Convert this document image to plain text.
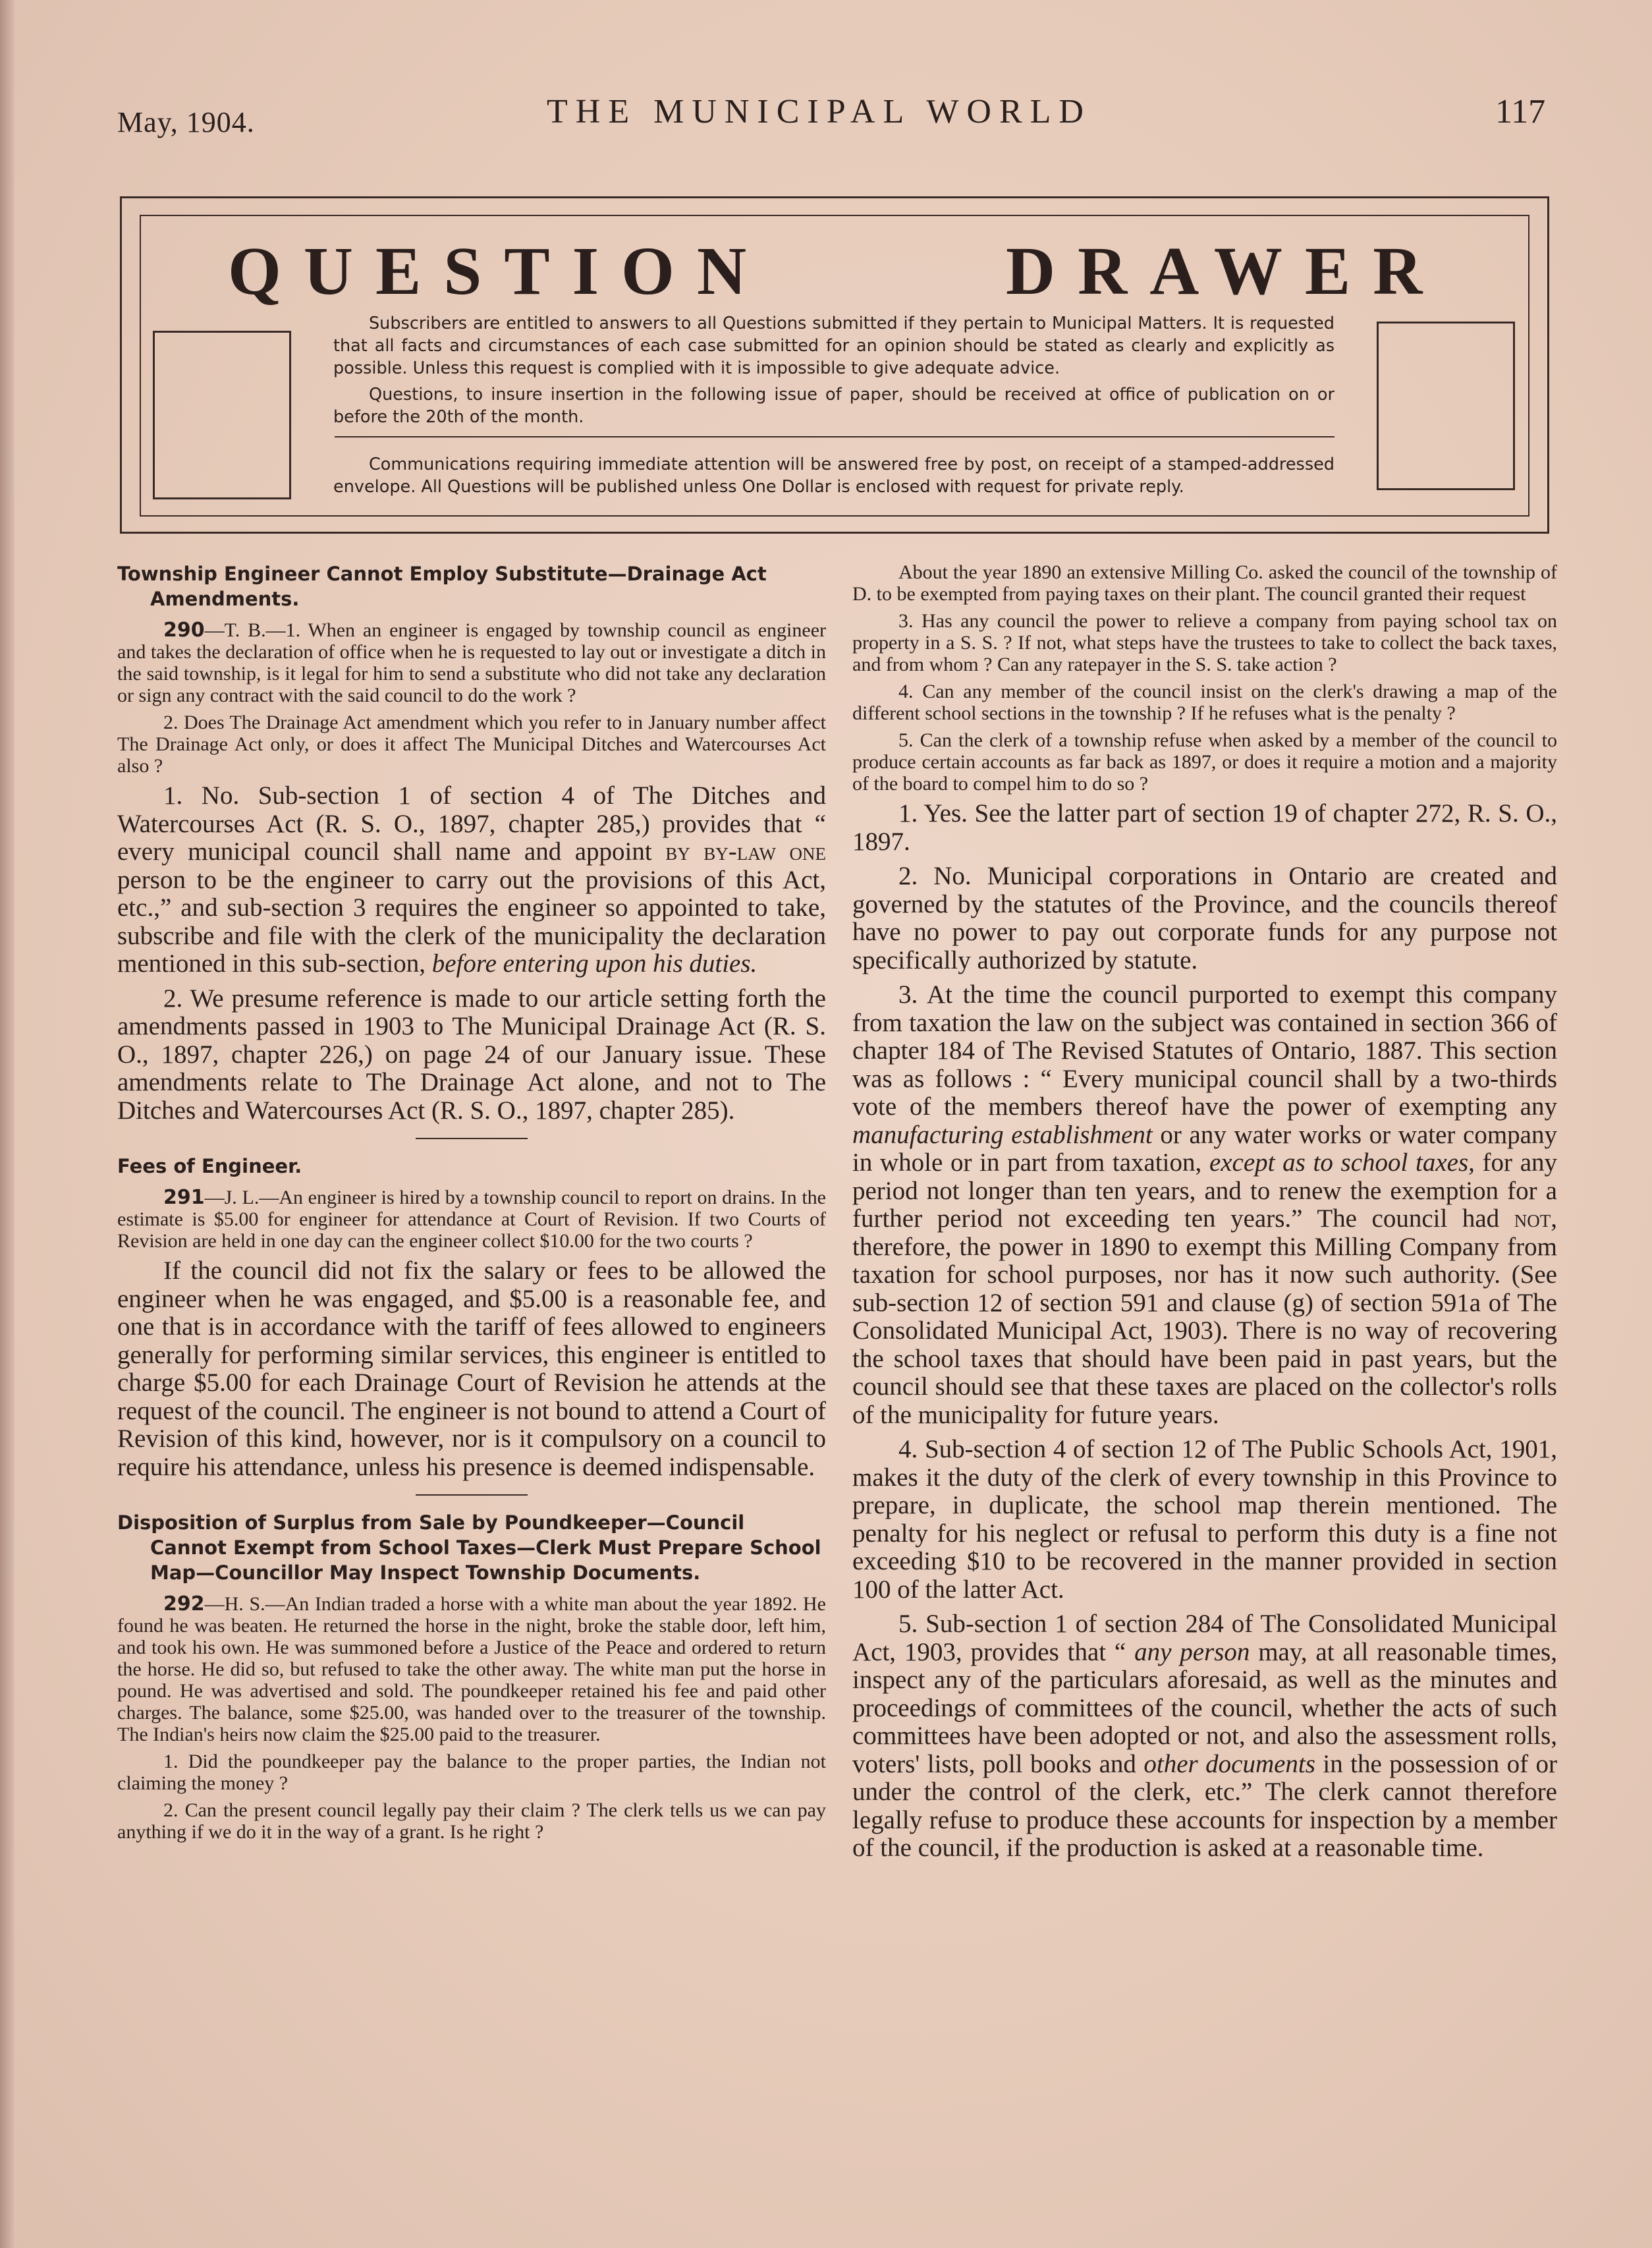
May, 1904.	THE MUNICIPAL WORLD	117
QUESTION      DRAWER

Subscribers are entitled to answers to all Questions submitted if they pertain to Municipal Matters. It is requested that all facts and circumstances of each case submitted for an opinion should be stated as clearly and explicitly as possible. Unless this request is complied with it is impossible to give adequate advice.

Questions, to insure insertion in the following issue of paper, should be received at office of publication on or before the 20th of the month.

Communications requiring immediate attention will be answered free by post, on receipt of a stamped-addressed envelope. All Questions will be published unless One Dollar is enclosed with request for private reply.

Township Engineer Cannot Employ Substitute—Drainage Act Amendments.

290—T. B.—1. When an engineer is engaged by township council as engineer and takes the declaration of office when he is requested to lay out or investigate a ditch in the said township, is it legal for him to send a substitute who did not take any declaration or sign any contract with the said council to do the work ?

2. Does The Drainage Act amendment which you refer to in January number affect The Drainage Act only, or does it affect The Municipal Ditches and Watercourses Act also ?

1. No. Sub-section 1 of section 4 of The Ditches and Watercourses Act (R. S. O., 1897, chapter 285,) provides that “ every municipal council shall name and appoint by by-law one person to be the engineer to carry out the provisions of this Act, etc.,” and sub-section 3 requires the engineer so appointed to take, subscribe and file with the clerk of the municipality the declaration mentioned in this sub-section, before entering upon his duties.

2. We presume reference is made to our article setting forth the amendments passed in 1903 to The Municipal Drainage Act (R. S. O., 1897, chapter 226,) on page 24 of our January issue. These amendments relate to The Drainage Act alone, and not to The Ditches and Watercourses Act (R. S. O., 1897, chapter 285).

Fees of Engineer.

291—J. L.—An engineer is hired by a township council to report on drains. In the estimate is $5.00 for engineer for attendance at Court of Revision. If two Courts of Revision are held in one day can the engineer collect $10.00 for the two courts ?

If the council did not fix the salary or fees to be allowed the engineer when he was engaged, and $5.00 is a reasonable fee, and one that is in accordance with the tariff of fees allowed to engineers generally for performing similar services, this engineer is entitled to charge $5.00 for each Drainage Court of Revision he attends at the request of the council. The engineer is not bound to attend a Court of Revision of this kind, however, nor is it compulsory on a council to require his attendance, unless his presence is deemed indispensable.

Disposition of Surplus from Sale by Poundkeeper—Council Cannot Exempt from School Taxes—Clerk Must Prepare School Map—Councillor May Inspect Township Documents.

292—H. S.—An Indian traded a horse with a white man about the year 1892. He found he was beaten. He returned the horse in the night, broke the stable door, left him, and took his own. He was summoned before a Justice of the Peace and ordered to return the horse. He did so, but refused to take the other away. The white man put the horse in pound. He was advertised and sold. The poundkeeper retained his fee and paid other charges. The balance, some $25.00, was handed over to the treasurer of the township. The Indian's heirs now claim the $25.00 paid to the treasurer.

1. Did the poundkeeper pay the balance to the proper parties, the Indian not claiming the money ?

2. Can the present council legally pay their claim ? The clerk tells us we can pay anything if we do it in the way of a grant. Is he right ?

About the year 1890 an extensive Milling Co. asked the council of the township of D. to be exempted from paying taxes on their plant. The council granted their request

3. Has any council the power to relieve a company from paying school tax on property in a S. S. ? If not, what steps have the trustees to take to collect the back taxes, and from whom ? Can any ratepayer in the S. S. take action ?

4. Can any member of the council insist on the clerk's drawing a map of the different school sections in the township ? If he refuses what is the penalty ?

5. Can the clerk of a township refuse when asked by a member of the council to produce certain accounts as far back as 1897, or does it require a motion and a majority of the board to compel him to do so ?

1. Yes. See the latter part of section 19 of chapter 272, R. S. O., 1897.

2. No. Municipal corporations in Ontario are created and governed by the statutes of the Province, and the councils thereof have no power to pay out corporate funds for any purpose not specifically authorized by statute.

3. At the time the council purported to exempt this company from taxation the law on the subject was contained in section 366 of chapter 184 of The Revised Statutes of Ontario, 1887. This section was as follows : “ Every municipal council shall by a two-thirds vote of the members thereof have the power of exempting any manufacturing establishment or any water works or water company in whole or in part from taxation, except as to school taxes, for any period not longer than ten years, and to renew the exemption for a further period not exceeding ten years.” The council had not, therefore, the power in 1890 to exempt this Milling Company from taxation for school purposes, nor has it now such authority. (See sub-section 12 of section 591 and clause (g) of section 591a of The Consolidated Municipal Act, 1903). There is no way of recovering the school taxes that should have been paid in past years, but the council should see that these taxes are placed on the collector's rolls of the municipality for future years.

4. Sub-section 4 of section 12 of The Public Schools Act, 1901, makes it the duty of the clerk of every township in this Province to prepare, in duplicate, the school map therein mentioned. The penalty for his neglect or refusal to perform this duty is a fine not exceeding $10 to be recovered in the manner provided in section 100 of the latter Act.

5. Sub-section 1 of section 284 of The Consolidated Municipal Act, 1903, provides that “ any person may, at all reasonable times, inspect any of the particulars aforesaid, as well as the minutes and proceedings of committees of the council, whether the acts of such committees have been adopted or not, and also the assessment rolls, voters' lists, poll books and other documents in the possession of or under the control of the clerk, etc.” The clerk cannot therefore legally refuse to produce these accounts for inspection by a member of the council, if the production is asked at a reasonable time.
